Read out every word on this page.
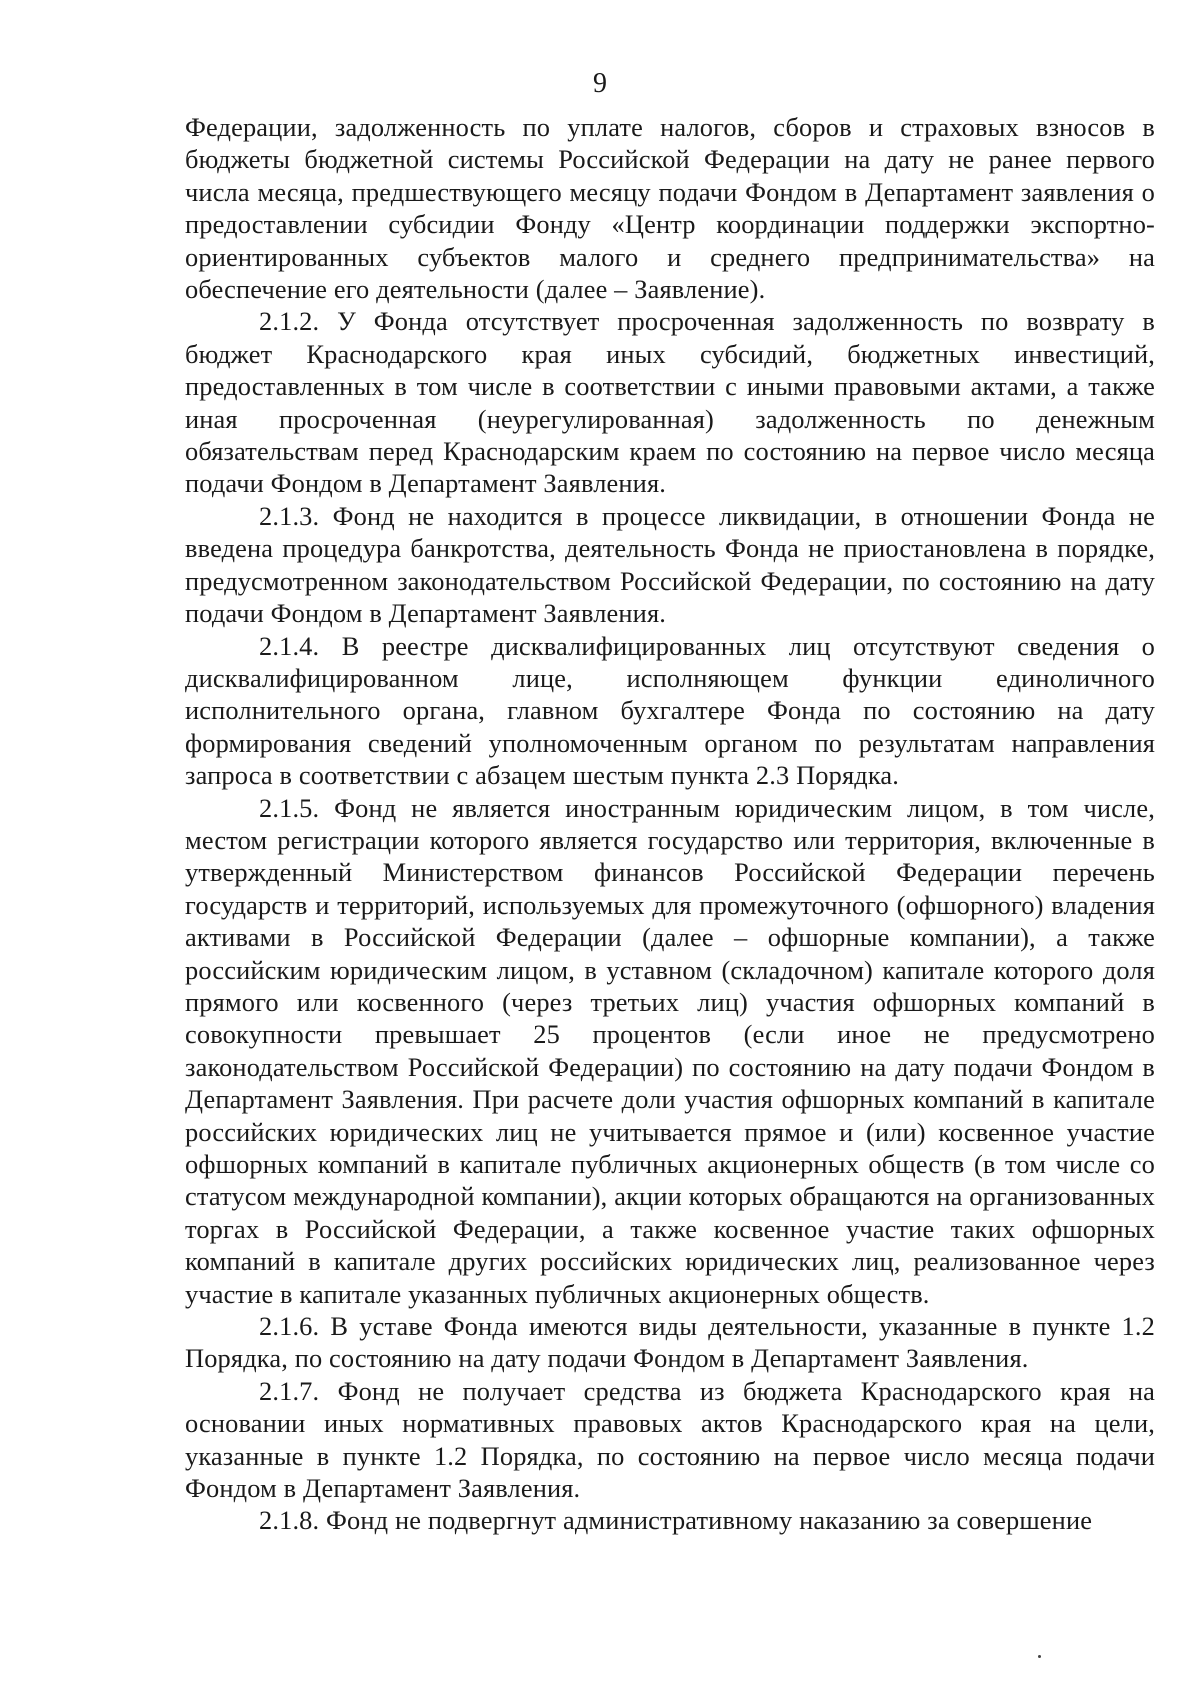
9

Федерации, задолженность по уплате налогов, сборов и страховых взносов в бюджеты бюджетной системы Российской Федерации на дату не ранее первого числа месяца, предшествующего месяцу подачи Фондом в Департамент заявления о предоставлении субсидии Фонду «Центр координации поддержки экспортно-ориентированных субъектов малого и среднего предпринимательства» на обеспечение его деятельности (далее – Заявление).

2.1.2. У Фонда отсутствует просроченная задолженность по возврату в бюджет Краснодарского края иных субсидий, бюджетных инвестиций, предоставленных в том числе в соответствии с иными правовыми актами, а также иная просроченная (неурегулированная) задолженность по денежным обязательствам перед Краснодарским краем по состоянию на первое число месяца подачи Фондом в Департамент Заявления.

2.1.3. Фонд не находится в процессе ликвидации, в отношении Фонда не введена процедура банкротства, деятельность Фонда не приостановлена в порядке, предусмотренном законодательством Российской Федерации, по состоянию на дату подачи Фондом в Департамент Заявления.

2.1.4. В реестре дисквалифицированных лиц отсутствуют сведения о дисквалифицированном лице, исполняющем функции единоличного исполнительного органа, главном бухгалтере Фонда по состоянию на дату формирования сведений уполномоченным органом по результатам направления запроса в соответствии с абзацем шестым пункта 2.3 Порядка.

2.1.5. Фонд не является иностранным юридическим лицом, в том числе, местом регистрации которого является государство или территория, включенные в утвержденный Министерством финансов Российской Федерации перечень государств и территорий, используемых для промежуточного (офшорного) владения активами в Российской Федерации (далее – офшорные компании), а также российским юридическим лицом, в уставном (складочном) капитале которого доля прямого или косвенного (через третьих лиц) участия офшорных компаний в совокупности превышает 25 процентов (если иное не предусмотрено законодательством Российской Федерации) по состоянию на дату подачи Фондом в Департамент Заявления. При расчете доли участия офшорных компаний в капитале российских юридических лиц не учитывается прямое и (или) косвенное участие офшорных компаний в капитале публичных акционерных обществ (в том числе со статусом международной компании), акции которых обращаются на организованных торгах в Российской Федерации, а также косвенное участие таких офшорных компаний в капитале других российских юридических лиц, реализованное через участие в капитале указанных публичных акционерных обществ.

2.1.6. В уставе Фонда имеются виды деятельности, указанные в пункте 1.2 Порядка, по состоянию на дату подачи Фондом в Департамент Заявления.

2.1.7. Фонд не получает средства из бюджета Краснодарского края на основании иных нормативных правовых актов Краснодарского края на цели, указанные в пункте 1.2 Порядка, по состоянию на первое число месяца подачи Фондом в Департамент Заявления.

2.1.8. Фонд не подвергнут административному наказанию за совершение
